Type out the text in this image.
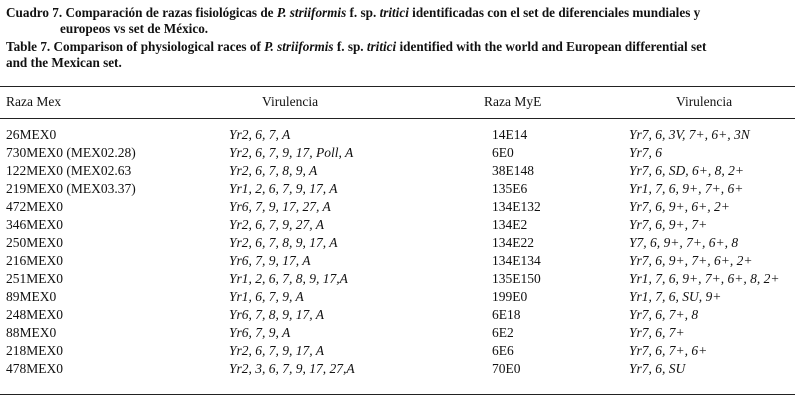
Cuadro 7. Comparación de razas fisiológicas de P. striiformis f. sp. tritici identificadas con el set de diferenciales mundiales y
europeos vs set de México.
Table 7. Comparison of physiological races of P. striiformis f. sp. tritici identified with the world and European differential set
and the Mexican set.
Raza Mex	Virulencia	Raza MyE	Virulencia
26MEX0	Yr2, 6, 7, A	14E14	Yr7, 6, 3V, 7+, 6+, 3N
730MEX0 (MEX02.28)	Yr2, 6, 7, 9, 17, Poll, A	6E0	Yr7, 6
122MEX0 (MEX02.63	Yr2, 6, 7, 8, 9, A	38E148	Yr7, 6, SD, 6+, 8, 2+
219MEX0 (MEX03.37)	Yr1, 2, 6, 7, 9, 17, A	135E6	Yr1, 7, 6, 9+, 7+, 6+
472MEX0	Yr6, 7, 9, 17, 27, A	134E132	Yr7, 6, 9+, 6+, 2+
346MEX0	Yr2, 6, 7, 9, 27, A	134E2	Yr7, 6, 9+, 7+
250MEX0	Yr2, 6, 7, 8, 9, 17, A	134E22	Y7, 6, 9+, 7+, 6+, 8
216MEX0	Yr6, 7, 9, 17, A	134E134	Yr7, 6, 9+, 7+, 6+, 2+
251MEX0	Yr1, 2, 6, 7, 8, 9, 17,A	135E150	Yr1, 7, 6, 9+, 7+, 6+, 8, 2+
89MEX0	Yr1, 6, 7, 9, A	199E0	Yr1, 7, 6, SU, 9+
248MEX0	Yr6, 7, 8, 9, 17, A	6E18	Yr7, 6, 7+, 8
88MEX0	Yr6, 7, 9, A	6E2	Yr7, 6, 7+
218MEX0	Yr2, 6, 7, 9, 17, A	6E6	Yr7, 6, 7+, 6+
478MEX0	Yr2, 3, 6, 7, 9, 17, 27,A	70E0	Yr7, 6, SU
